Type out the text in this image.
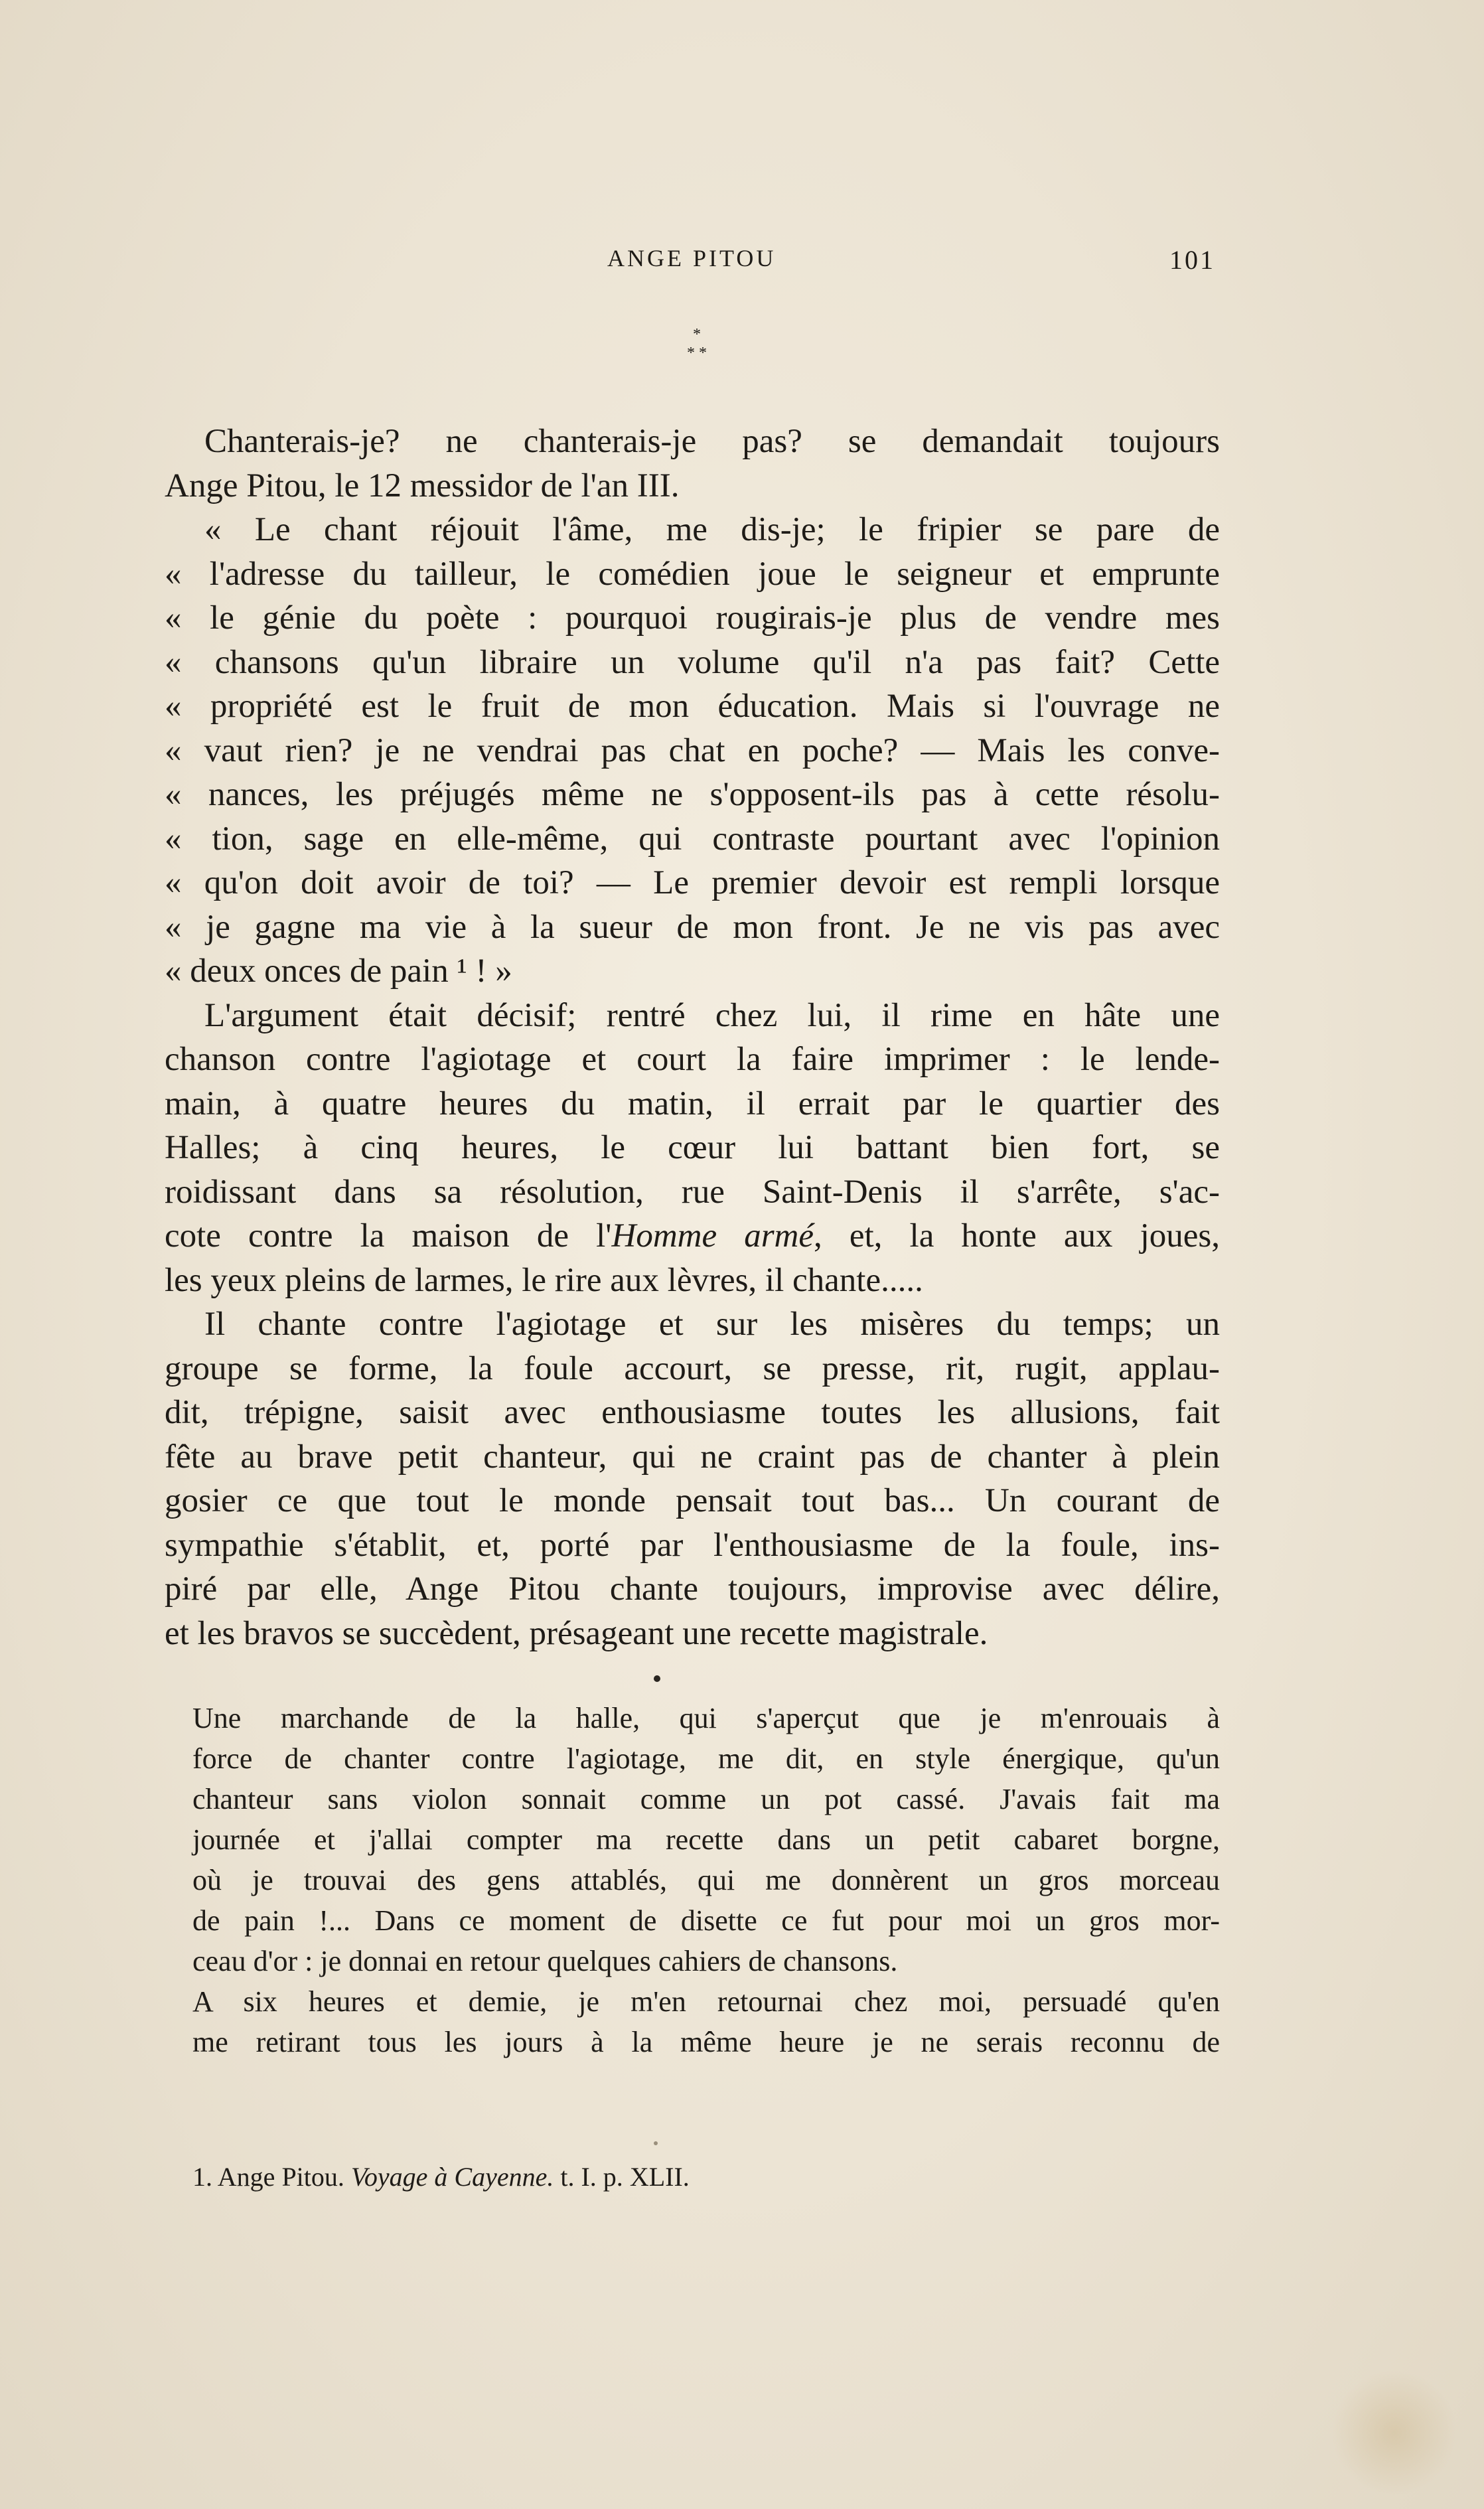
ANGE PITOU	101
*
* *
Chanterais-je? ne chanterais-je pas? se demandait toujours
Ange Pitou, le 12 messidor de l'an III.
« Le chant réjouit l'âme, me dis-je; le fripier se pare de
« l'adresse du tailleur, le comédien joue le seigneur et emprunte
« le génie du poète : pourquoi rougirais-je plus de vendre mes
« chansons qu'un libraire un volume qu'il n'a pas fait? Cette
« propriété est le fruit de mon éducation. Mais si l'ouvrage ne
« vaut rien? je ne vendrai pas chat en poche? — Mais les conve-
« nances, les préjugés même ne s'opposent-ils pas à cette résolu-
« tion, sage en elle-même, qui contraste pourtant avec l'opinion
« qu'on doit avoir de toi? — Le premier devoir est rempli lorsque
« je gagne ma vie à la sueur de mon front. Je ne vis pas avec
« deux onces de pain ¹ ! »
L'argument était décisif; rentré chez lui, il rime en hâte une
chanson contre l'agiotage et court la faire imprimer : le lende-
main, à quatre heures du matin, il errait par le quartier des
Halles; à cinq heures, le cœur lui battant bien fort, se
roidissant dans sa résolution, rue Saint-Denis il s'arrête, s'ac-
cote contre la maison de l'Homme armé, et, la honte aux joues,
les yeux pleins de larmes, le rire aux lèvres, il chante.....
Il chante contre l'agiotage et sur les misères du temps; un
groupe se forme, la foule accourt, se presse, rit, rugit, applau-
dit, trépigne, saisit avec enthousiasme toutes les allusions, fait
fête au brave petit chanteur, qui ne craint pas de chanter à plein
gosier ce que tout le monde pensait tout bas... Un courant de
sympathie s'établit, et, porté par l'enthousiasme de la foule, ins-
piré par elle, Ange Pitou chante toujours, improvise avec délire,
et les bravos se succèdent, présageant une recette magistrale.
Une marchande de la halle, qui s'aperçut que je m'enrouais à
force de chanter contre l'agiotage, me dit, en style énergique, qu'un
chanteur sans violon sonnait comme un pot cassé. J'avais fait ma
journée et j'allai compter ma recette dans un petit cabaret borgne,
où je trouvai des gens attablés, qui me donnèrent un gros morceau
de pain !... Dans ce moment de disette ce fut pour moi un gros mor-
ceau d'or : je donnai en retour quelques cahiers de chansons.
A six heures et demie, je m'en retournai chez moi, persuadé qu'en
me retirant tous les jours à la même heure je ne serais reconnu de
1. Ange Pitou. Voyage à Cayenne. t. I. p. XLII.
